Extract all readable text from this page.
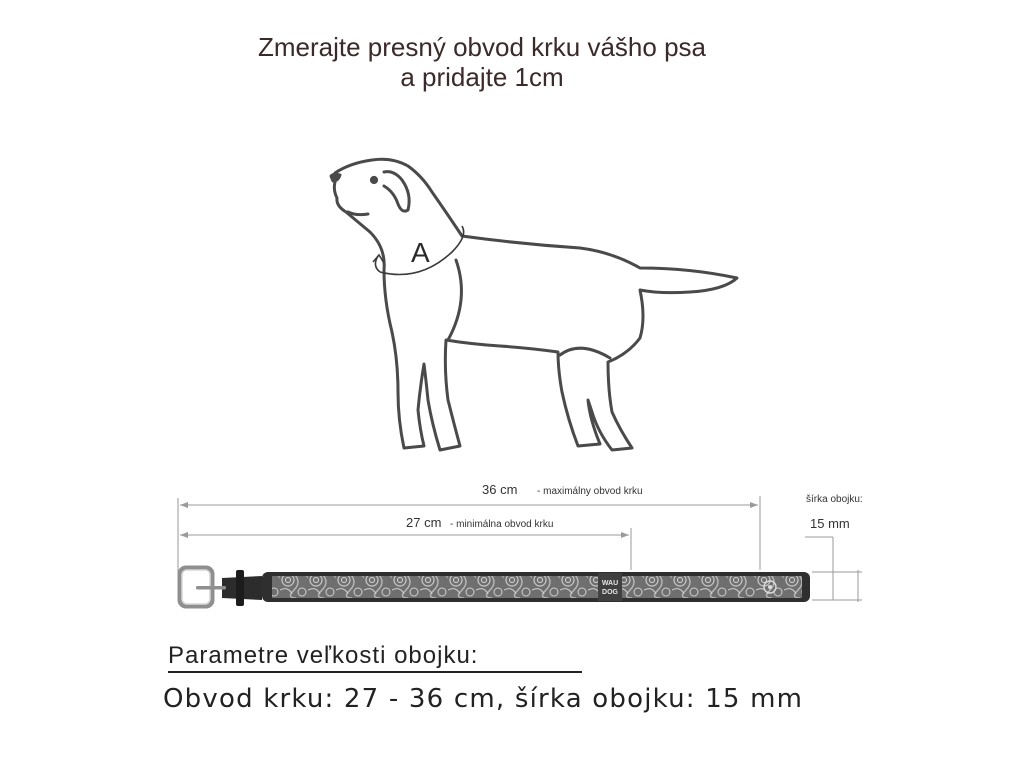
Zmerajte presný obvod krku vášho psa
a pridajte 1cm
A
36 cm - maximálny obvod krku
27 cm - minimálna obvod krku
šírka obojku:
15 mm
WAU
DOG
Parametre veľkosti obojku:
Obvod krku: 27 - 36 cm, šírka obojku: 15 mm
